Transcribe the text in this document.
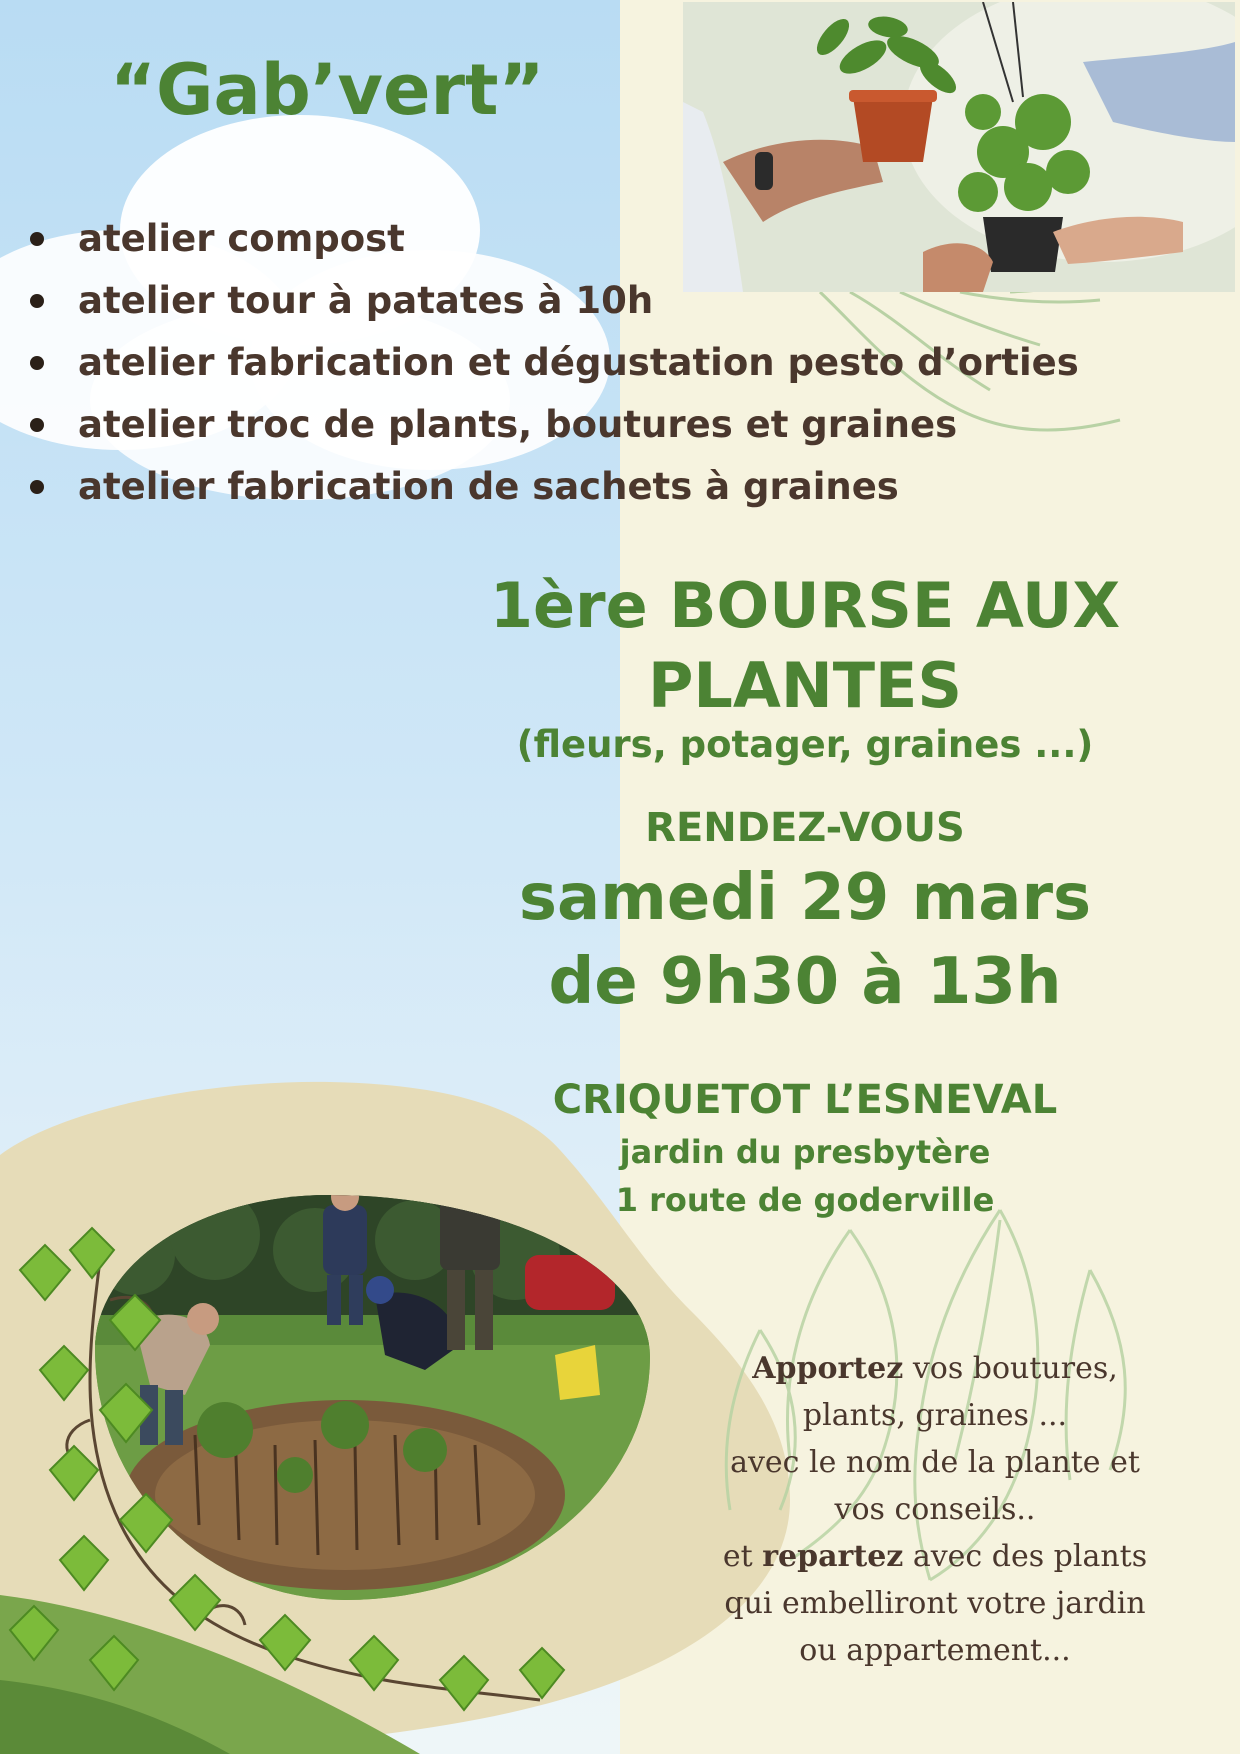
“Gab’vert”
atelier compost
atelier tour à patates à 10h
atelier fabrication et dégustation pesto d’orties
atelier troc de plants, boutures et graines
atelier fabrication de sachets à graines
1ère BOURSE AUX
PLANTES
(fleurs, potager, graines ...)
RENDEZ-VOUS
samedi 29 mars
de 9h30 à 13h
CRIQUETOT L’ESNEVAL
jardin du presbytère
1 route de goderville

Apportez vos boutures,
plants, graines ...
avec le nom de la plante et
vos conseils..
et repartez avec des plants
qui embelliront votre jardin
ou appartement...
